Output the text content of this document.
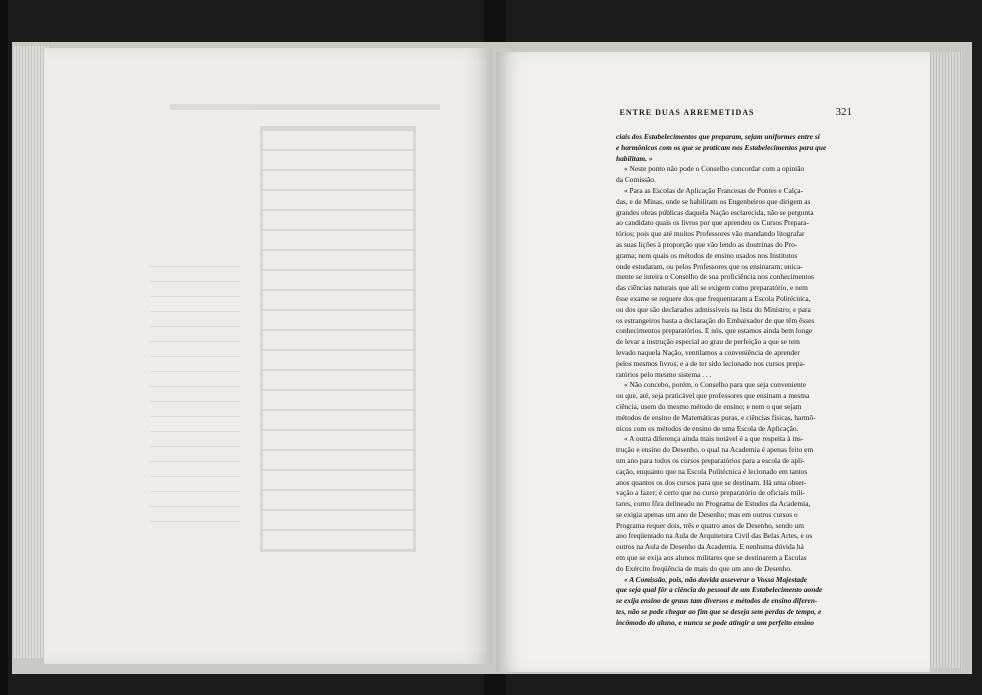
ENTRE DUAS ARREMETIDAS	321
ciais dos Estabelecimentos que preparam, sejam uniformes entre si
e harmônicos com os que se praticam nos Estabelecimentos para que
habilitam. »
« Neste ponto não pode o Conselho concordar com a opinião
da Comissão.
« Para as Escolas de Aplicação Francesas de Pontes e Calça-
das, e de Minas, onde se habilitam os Engenheiros que dirigem as
grandes obras públicas daquela Nação esclarecida, não se pergunta
ao candidato quais os livros por que aprendeu os Cursos Prepara-
tórios; pois que até muitos Professores vão mandando litografar
as suas lições à proporção que vão lendo as doutrinas do Pro-
grama; nem quais os métodos de ensino usados nos Institutos
onde estudaram, ou pelos Professores que os ensinaram; unica-
mente se inteira o Conselho de sua proficiência nos conhecimentos
das ciências naturais que ali se exigem como preparatório, e nem
êsse exame se requere dos que frequentaram a Escola Politécnica,
ou dos que são declarados admissíveis na lista do Ministro; e para
os estrangeiros basta a declaração do Embaixador de que têm êsses
conhecimentos preparatórios. E nós, que estamos ainda bem longe
de levar a instrução especial ao grau de perfeição a que se tem
levado naquela Nação, ventilamos a conveniência de aprender
pelos mesmos livros, e a de ter sido lecionado nos cursos prepa-
ratórios pelo mesmo sistema . . .
« Não concebo, porém, o Conselho para que seja conveniente
ou que, até, seja praticável que professores que ensinam a mesma
ciência, usem do mesmo método de ensino; e nem o que sejam
métodos de ensino de Matemáticas puras, e ciências físicas, harmô-
nicos com os métodos de ensino de uma Escola de Aplicação.
« A outra diferença ainda mais notável é a que respeita à ins-
trução e ensino do Desenho, o qual na Academia é apenas feito em
um ano para todos os cursos preparatórios para a escola de apli-
cação, enquanto que na Escola Politécnica é lecionado em tantos
anos quantos os dos cursos para que se destinam. Há uma obser-
vação a fazer; é certo que no curso preparatório de oficiais mili-
tares, como fôra delineado no Programa de Estudos da Academia,
se exigia apenas um ano de Desenho; mas em outros cursos o
Programa requer dois, três e quatro anos de Desenho, sendo um
ano freqüentado na Aula de Arquitetura Civil das Belas Artes, e os
outros na Aula de Desenho da Academia. E nenhuma dúvida há
em que se exija aos alunos militares que se destinarem a Escolas
do Exército freqüência de mais do que um ano de Desenho.
« A Comissão, pois, não duvida asseverar a Vossa Majestade
que seja qual fôr a ciência do pessoal de um Estabelecimento aonde
se exija ensino de graus tam diversos e métodos de ensino diferen-
tes, não se pode chegar ao fim que se deseja sem perdas de tempo, e
incômodo do aluno, e nunca se pode atingir a um perfeito ensino
